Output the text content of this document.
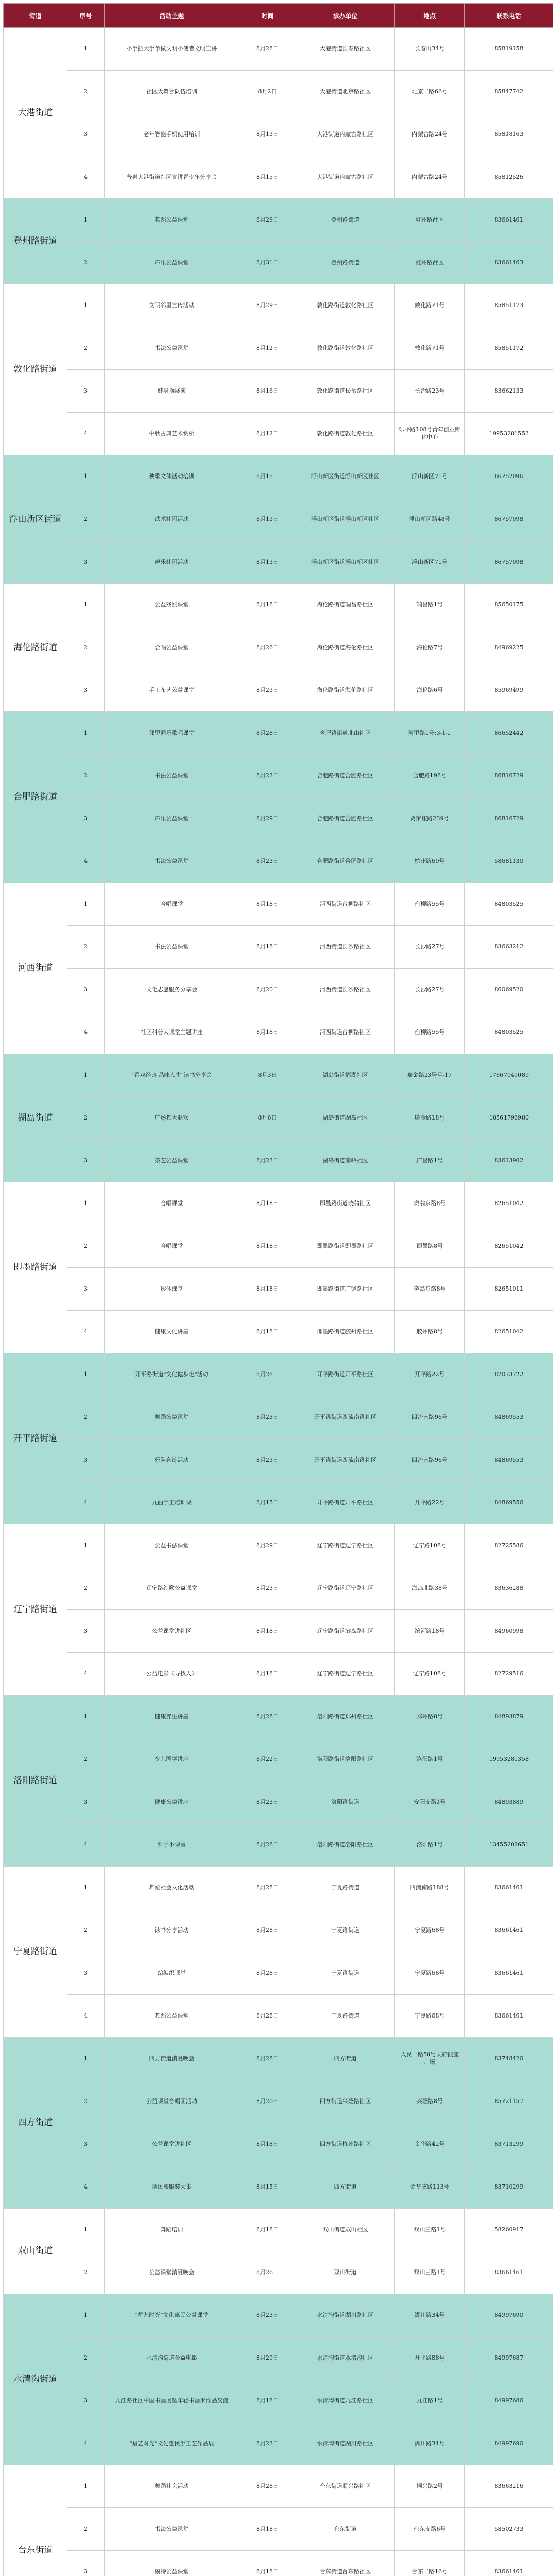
街道	序号	活动主题	时间	承办单位	地点	联系电话
大港街道	1	小手拉大手争做文明小使者文明宣讲	8月28日	大港街道长春路社区	长春山34号	85819158
	2	社区大舞台队伍培训	8月2日	大港街道北京路社区	北京二路66号	85847742
	3	老年智能手机使用培训	8月13日	大港街道内蒙古路社区	内蒙古路24号	85818163
	4	普惠大港街道社区宣讲青少年分享会	8月15日	大港街道内蒙古路社区	内蒙古路24号	85812526
登州路街道	1	舞蹈公益课堂	8月29日	登州路街道	登州路社区	83661461
	2	声乐公益课堂	8月31日	登州路街道	登州路社区	83661463
敦化路街道	1	文明邻里宣传活动	8月29日	敦化路街道敦化路社区	敦化路71号	85851173
	2	书法公益课堂	8月12日	敦化路街道敦化路社区	敦化路71号	85851172
	3	健身操展演	8月16日	敦化路街道长治路社区	长治路23号	83662133
	4	中秋古典艺术赏析	8月12日	敦化路街道敦化路社区	乐平路108号青年创业孵化中心	19953281553
浮山新区街道	1	秧歌文体活动培训	8月15日	浮山新区街道浮山新区社区	浮山新区71号	86757096
	2	武术社团活动	8月13日	浮山新区街道浮山新区社区	浮山新区路48号	86757098
	3	声乐社团活动	8月13日	浮山新区街道浮山新区社区	浮山新区71号	86757098
海伦路街道	1	公益戏剧课堂	8月18日	海伦路街道瑞昌路社区	瑞昌路1号	85650175
	2	合唱公益课堂	8月26日	海伦路街道海伦路社区	海伦路7号	84969225
	3	手工布艺公益课堂	8月23日	海伦路街道海伦路社区	海伦路6号	85969499
合肥路街道	1	邻里同乐歌唱课堂	8月28日	合肥路街道北山社区	阿里路1号:3-1-1	86652442
	2	书法公益课堂	8月23日	合肥路街道合肥路社区	合肥路198号	86816729
	3	声乐公益课堂	8月29日	合肥路街道合肥路社区	贾家庄路239号	86816729
	4	书法公益课堂	8月23日	合肥路街道合肥路社区	杭州路69号	58681130
河西街道	1	合唱课堂	8月18日	河西街道台柳路社区	台柳路55号	84803525
	2	书法公益课堂	8月18日	河西街道长沙路社区	长沙路27号	83663212
	3	文化志愿服务分享会	8月20日	河西街道长沙路社区	长沙路27号	86069520
	4	社区科普大课堂主题讲座	8月18日	河西街道台柳路社区	台柳路55号	84803525
湖岛街道	1	"看戏经典 品味人生"读书分享会	8月3日	湖岛街道福湖社区	瑞金路23号甲-17	17667049089
	2	广场舞大联欢	8月6日	湖岛街道湖岛社区	瑞金路18号	18561796980
	3	茶艺公益课堂	8月23日	湖岛街道南岭社区	广昌路1号	83613902
即墨路街道	1	合唱课堂	8月18日	即墨路街道晓翁社区	晓翁东路8号	82651042
	2	合唱课堂	8月18日	即墨路街道即墨路社区	即墨路8号	82651042
	3	形体课堂	8月18日	即墨路街道广饶路社区	晓翁东路8号	82651011
	4	健康文化讲座	8月18日	即墨路街道胶州路社区	胶州路8号	82651042
开平路街道	1	开平路街道"文化健步走"活动	8月28日	开平路街道开平路社区	开平路22号	87073722
	2	舞蹈公益课堂	8月23日	开平路街道四流南路社区	四流南路96号	84869553
	3	乐队合练活动	8月23日	开平路街道四流南路社区	四流南路96号	84869553
	4	九曲手工培训课	8月15日	开平路街道开平路社区	开平路22号	84869556
辽宁路街道	1	公益书法课堂	8月29日	辽宁路街道辽宁路社区	辽宁路108号	82725586
	2	辽宁路红歌公益课堂	8月23日	辽宁路街道辽宁路社区	海岛北路38号	83636288
	3	公益课堂进社区	8月18日	辽宁路街道滨岛路社区	滨河路18号	84960998
	4	公益电影《寻找人》	8月18日	辽宁路街道辽宁路社区	辽宁路108号	82729516
洛阳路街道	1	健康养生讲座	8月28日	洛阳路街道郑州路社区	郑州路8号	84893879
	2	少儿国学讲座	8月22日	洛阳路街道洛阳路社区	洛阳路1号	19953281358
	3	健康公益讲座	8月23日	洛阳路街道	安阳支路1号	84893889
	4	科学小课堂	8月28日	洛阳路街道洛阳路社区	洛阳路1号	13455202651
宁夏路街道	1	舞蹈社会文化活动	8月28日	宁夏路街道	四流南路188号	83661461
	2	读书分享活动	8月28日	宁夏路街道	宁夏路68号	83661461
	3	编编织课堂	8月28日	宁夏路街道	宁夏路68号	83661461
	4	舞蹈公益课堂	8月28日	宁夏路街道	宁夏路68号	83661461
四方街道	1	四方街道消夏晚会	8月28日	四方街道	人民一路58号天府银座广场	83748420
	2	公益课堂合唱团活动	8月20日	四方街道兴隆路社区	兴隆路8号	85721157
	3	公益课堂进社区	8月18日	四方街道杭州路社区	金华路42号	83713299
	4	摆民族服装大集	8月15日	四方街道	金华支路113号	83710299
双山街道	1	舞蹈培训	8月18日	双山街道双山社区	双山三路1号	58260917
	2	公益课堂消夏晚会	8月26日	双山街道	双山三路1号	83661461
水清沟街道	1	"星艺时光"文化惠民公益课堂	8月23日	水清沟街道湖川路社区	湖川路34号	84997690
	2	水清沟街道公益电影	8月29日	水清沟街道水清沟社区	开平路88号	84997687
	3	九江路社区中国书画展暨年轻书画家作品交流	8月18日	水清沟街道九江路社区	九江路1号	84997686
	4	"星艺时光"文化惠民手工艺作品展	8月23日	水清沟街道湖川路社区	湖川路34号	84997690
台东街道	1	舞蹈社会活动	8月28日	台东街道顺兴路社区	顺兴路2号	83663216
	2	书法公益课堂	8月18日	台东街道	台东支路6号	58502733
	3	模特公益课堂	8月18日	台东街道台东路社区	台东二路16号	83661461
